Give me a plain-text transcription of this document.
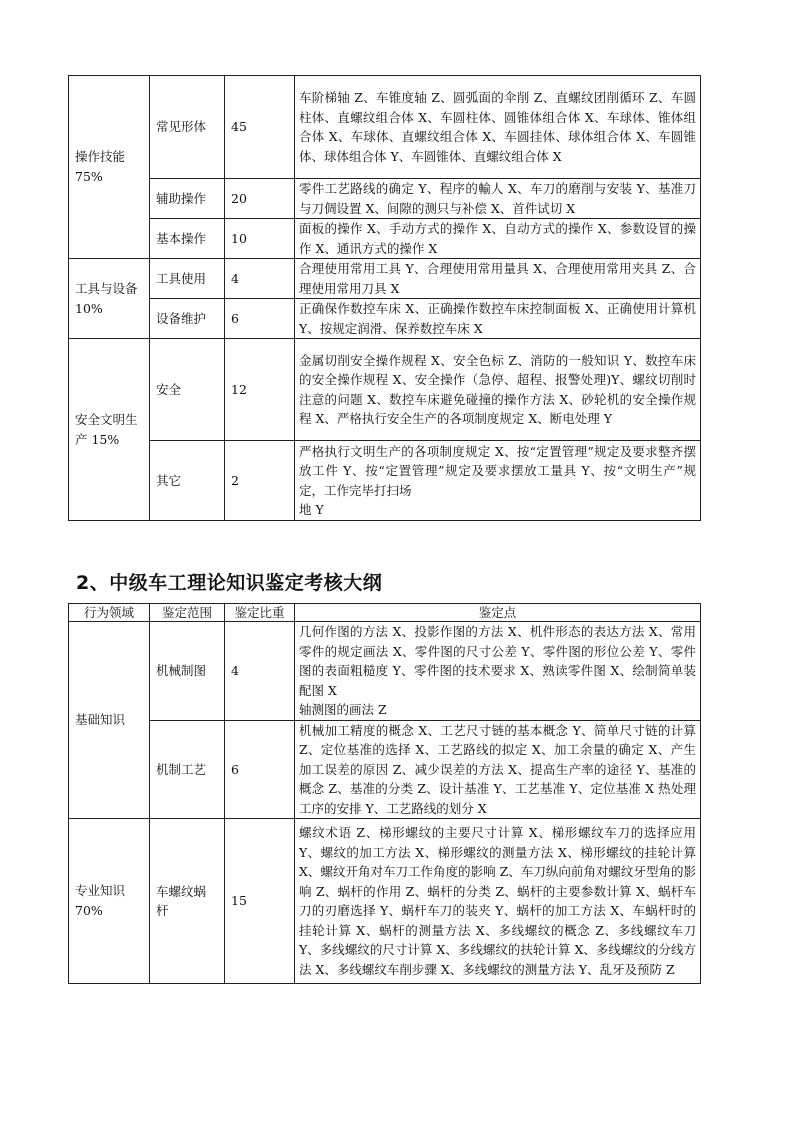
操作技能75%	常见形体	45	车阶梯轴 Z、车锥度轴 Z、圆弧面的伞削 Z、直螺纹团削循环 Z、车圆柱体、直螺纹组合体 X、车圆柱体、圆锥体组合体 X、车球体、锥体组合体 X、车球体、直螺纹组合体 X、车圆挂体、球体组合体 X、车圆锥体、球体组合体 Y、车圆锥体、直螺纹组合体 X
	辅助操作	20	零件工艺路线的确定 Y、程序的輸人 X、车刀的磨削与安装 Y、基准刀与刀倜设置 X、间隙的测只与补偿 X、首件试切 X
	基本操作	10	面板的操作 X、手动方式的操作 X、自动方式的操作 X、参数设冒的操作 X、通讯方式的操作 X
工具与设备 10%	工具使用	4	合理使用常用工具 Y、合理使用常用量具 X、合理使用常用夹具 Z、合理使用常用刀具 X
	设备维护	6	正确保作数控车床 X、正确操作数控车床控制面板 X、正确使用计算机 Y、按规定润滑、保养数控车床 X
安全文明生产 15%	安全	12	金属切削安全操作规程 X、安全色标 Z、消防的一般知识 Y、数控车床的安全操作规程 X、安全操作（急停、超程、报警处理)Y、螺纹切削时注意的问题 X、数控车床避免碰撞的操作方法 X、砂轮机的安全操作规程 X、严格执行安全生产的各项制度规定 X、断电处理 Y
	其它	2	严格执行文明生产的各项制度规定 X、按“定置管理”规定及要求整齐摆放工件 Y、按“定置管理”规定及要求摆放工量具 Y、按“文明生产”规定，工作完毕打扫场
地 Y
2、中级车工理论知识鉴定考核大纲
行为领域	鉴定范围	鉴定比重	鉴定点
基础知识	机械制图	4	几何作图的方法 X、投影作图的方法 X、机件形态的表达方法 X、常用零件的规定画法 X、零件图的尺寸公差 Y、零件图的形位公差 Y、零件图的表面粗糙度 Y、零件图的技术要求 X、熟读零件图 X、绘制简单装配图 X
轴测图的画法 Z
	机制工艺	6	机械加工精度的概念 X、工艺尺寸链的基本概念 Y、简单尺寸链的计算 Z、定位基准的选择 X、工艺路线的拟定 X、加工余量的确定 X、产生加工误差的原因 Z、减少误差的方法 X、提高生产率的途径 Y、基准的概念 Z、基准的分类 Z、设计基准 Y、工艺基准 Y、定位基准 X 热处理工序的安排 Y、工艺路线的划分 X
专业知识 70%	车螺纹蜗杆	15	螺纹术语 Z、梯形螺纹的主要尺寸计算 X、梯形螺纹车刀的选择应用 Y、螺纹的加工方法 X、梯形螺纹的测量方法 X、梯形螺纹的挂轮计算 X、螺纹开角对车刀工作角度的影响 Z、车刀纵向前角对螺纹牙型角的影响 Z、蜗杆的作用 Z、蜗杆的分类 Z、蜗杆的主要参数计算 X、蜗杆车刀的刃磨选择 Y、蜗杆车刀的装夹 Y、蜗杆的加工方法 X、车蜗杆时的挂轮计算 X、蜗杆的测量方法 X、多线螺纹的概念 Z、多线螺纹车刀 Y、多线螺纹的尺寸计算 X、多线螺纹的扶轮计算 X、多线螺纹的分线方法 X、多线螺纹车削步骤 X、多线螺纹的测量方法 Y、乱牙及预防 Z
